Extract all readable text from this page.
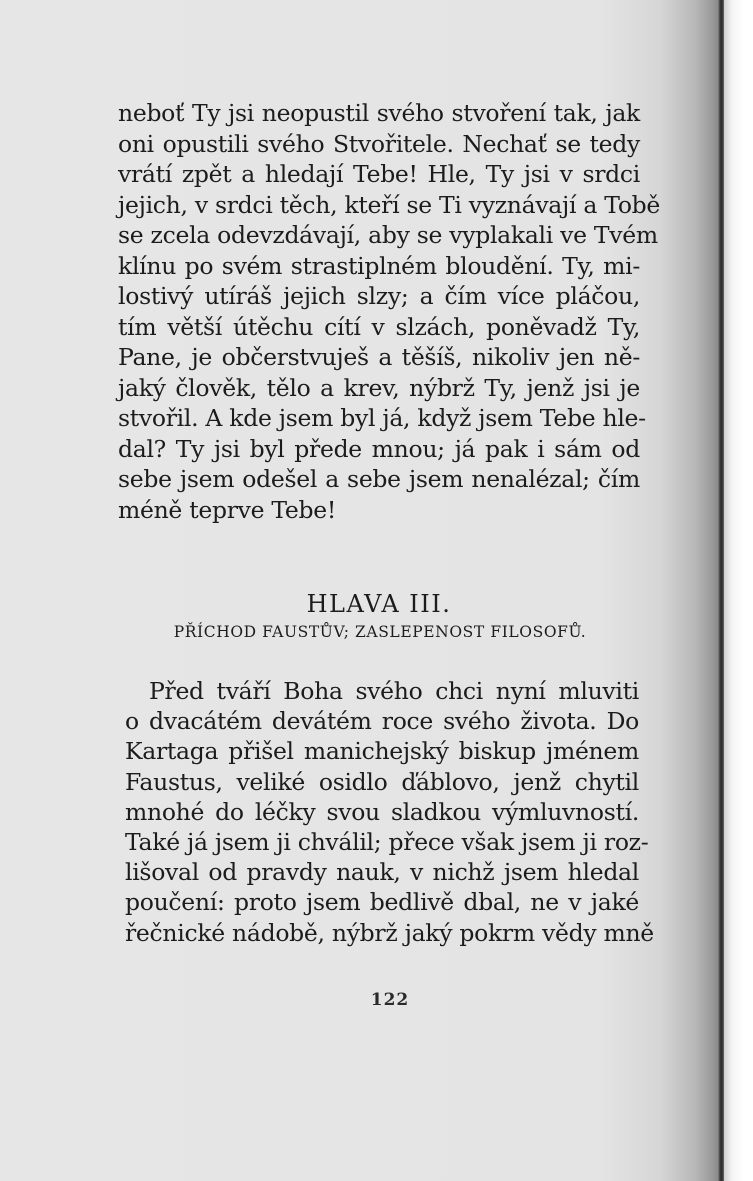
neboť Ty jsi neopustil svého stvoření tak, jak
oni opustili svého Stvořitele. Nechať se tedy
vrátí zpět a hledají Tebe! Hle, Ty jsi v srdci
jejich, v srdci těch, kteří se Ti vyznávají a Tobě
se zcela odevzdávají, aby se vyplakali ve Tvém
klínu po svém strastiplném bloudění. Ty, mi-
lostivý utíráš jejich slzy; a čím více pláčou,
tím větší útěchu cítí v slzách, poněvadž Ty,
Pane, je občerstvuješ a těšíš, nikoliv jen ně-
jaký člověk, tělo a krev, nýbrž Ty, jenž jsi je
stvořil. A kde jsem byl já, když jsem Tebe hle-
dal? Ty jsi byl přede mnou; já pak i sám od
sebe jsem odešel a sebe jsem nenalézal; čím
méně teprve Tebe!
HLAVA III.
PŘÍCHOD FAUSTŮV; ZASLEPENOST FILOSOFŮ.
Před tváří Boha svého chci nyní mluviti
o dvacátém devátém roce svého života. Do
Kartaga přišel manichejský biskup jménem
Faustus, veliké osidlo ďáblovo, jenž chytil
mnohé do léčky svou sladkou výmluvností.
Také já jsem ji chválil; přece však jsem ji roz-
lišoval od pravdy nauk, v nichž jsem hledal
poučení: proto jsem bedlivě dbal, ne v jaké
řečnické nádobě, nýbrž jaký pokrm vědy mně
122
